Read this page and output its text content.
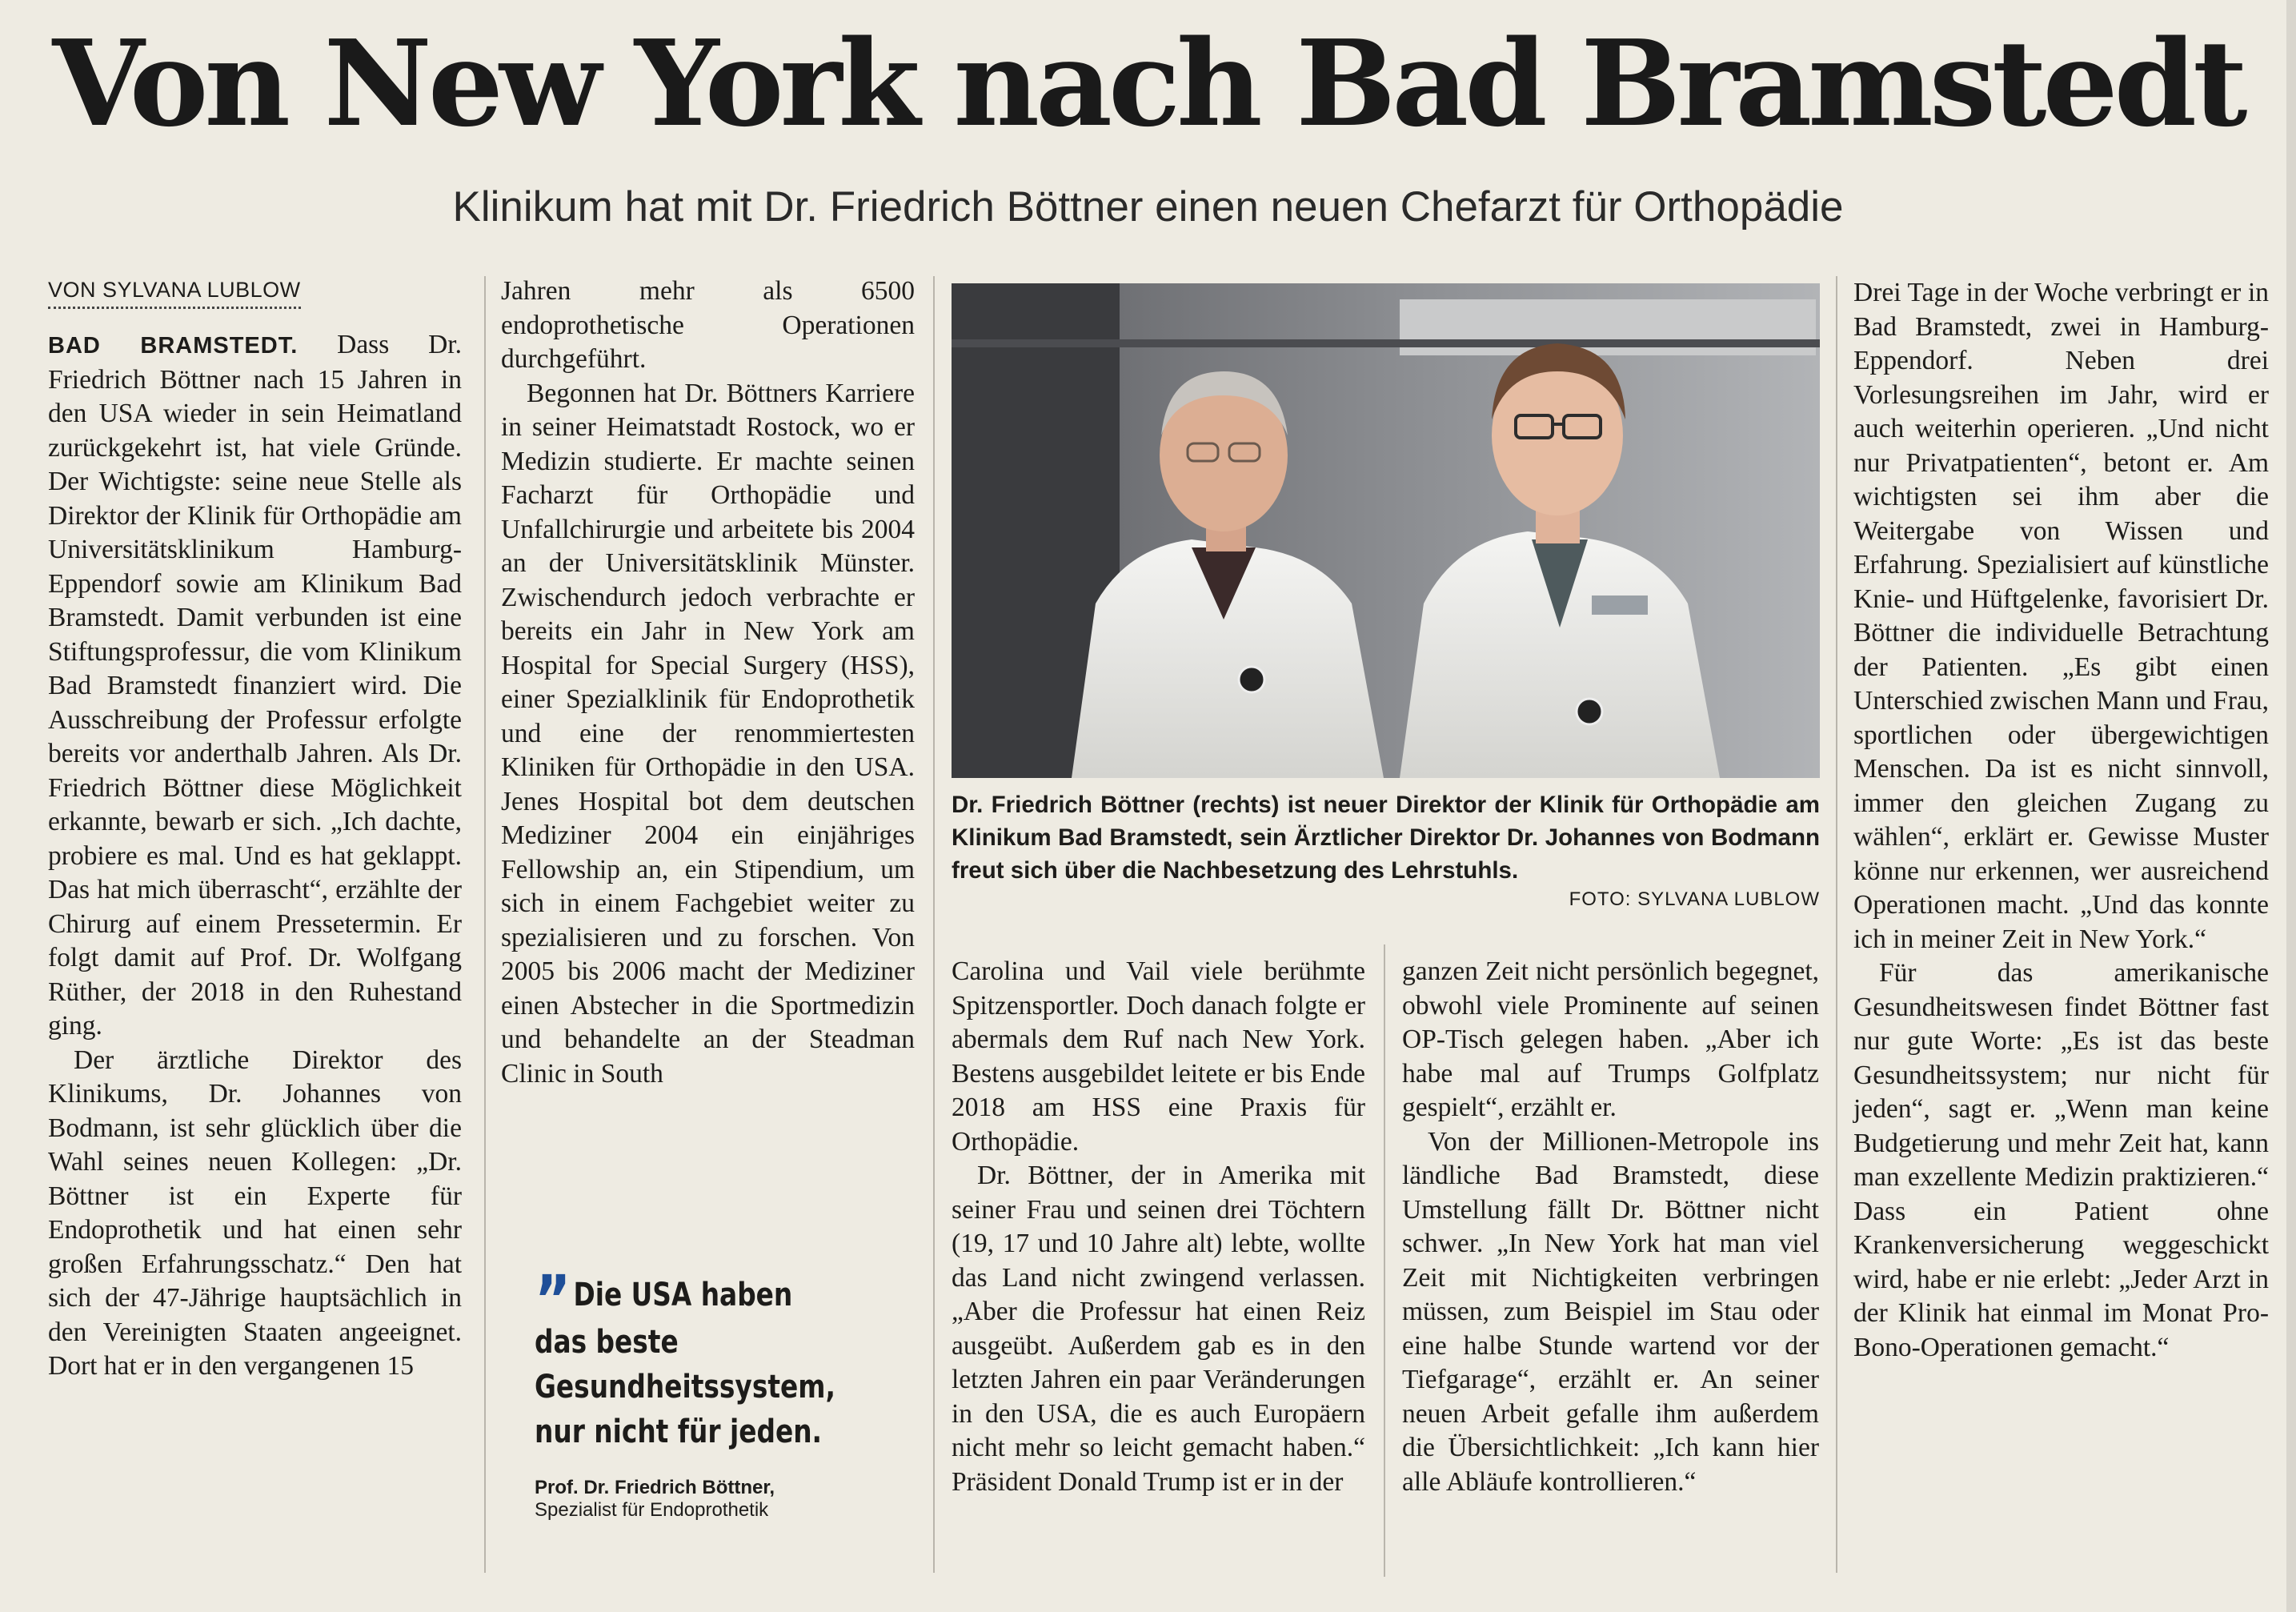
Von New York nach Bad Bramstedt
Klinikum hat mit Dr. Friedrich Böttner einen neuen Chefarzt für Orthopädie
VON SYLVANA LUBLOW

BAD BRAMSTEDT. Dass Dr. Friedrich Böttner nach 15 Jahren in den USA wieder in sein Heimatland zurückgekehrt ist, hat viele Gründe. Der Wichtigste: seine neue Stelle als Direktor der Klinik für Orthopädie am Universitätsklinikum Hamburg-Eppendorf sowie am Klinikum Bad Bramstedt. Damit verbunden ist eine Stiftungsprofessur, die vom Klinikum Bad Bramstedt finanziert wird. Die Ausschreibung der Professur erfolgte bereits vor anderthalb Jahren. Als Dr. Friedrich Böttner diese Möglichkeit erkannte, bewarb er sich. „Ich dachte, probiere es mal. Und es hat geklappt. Das hat mich überrascht“, erzählte der Chirurg auf einem Pressetermin. Er folgt damit auf Prof. Dr. Wolfgang Rüther, der 2018 in den Ruhestand ging.

Der ärztliche Direktor des Klinikums, Dr. Johannes von Bodmann, ist sehr glücklich über die Wahl seines neuen Kollegen: „Dr. Böttner ist ein Experte für Endoprothetik und hat einen sehr großen Erfahrungsschatz.“ Den hat sich der 47-Jährige hauptsächlich in den Vereinigten Staaten angeeignet. Dort hat er in den vergangenen 15

Jahren mehr als 6500 endoprothetische Operationen durchgeführt.

Begonnen hat Dr. Böttners Karriere in seiner Heimatstadt Rostock, wo er Medizin studierte. Er machte seinen Facharzt für Orthopädie und Unfallchirurgie und arbeitete bis 2004 an der Universitätsklinik Münster. Zwischendurch jedoch verbrachte er bereits ein Jahr in New York am Hospital for Special Surgery (HSS), einer Spezialklinik für Endoprothetik und eine der renommiertesten Kliniken für Orthopädie in den USA. Jenes Hospital bot dem deutschen Mediziner 2004 ein einjähriges Fellowship an, ein Stipendium, um sich in einem Fachgebiet weiter zu spezialisieren und zu forschen. Von 2005 bis 2006 macht der Mediziner einen Abstecher in die Sportmedizin und behandelte an der Steadman Clinic in South

” Die USA haben das beste Gesundheitssystem, nur nicht für jeden.
Prof. Dr. Friedrich Böttner,
Spezialist für Endoprothetik
Dr. Friedrich Böttner (rechts) ist neuer Direktor der Klinik für Orthopädie am Klinikum Bad Bramstedt, sein Ärztlicher Direktor Dr. Johannes von Bodmann freut sich über die Nachbesetzung des Lehrstuhls.
FOTO: SYLVANA LUBLOW

Carolina und Vail viele berühmte Spitzensportler. Doch danach folgte er abermals dem Ruf nach New York. Bestens ausgebildet leitete er bis Ende 2018 am HSS eine Praxis für Orthopädie.

Dr. Böttner, der in Amerika mit seiner Frau und seinen drei Töchtern (19, 17 und 10 Jahre alt) lebte, wollte das Land nicht zwingend verlassen. „Aber die Professur hat einen Reiz ausgeübt. Außerdem gab es in den letzten Jahren ein paar Veränderungen in den USA, die es auch Europäern nicht mehr so leicht gemacht haben.“ Präsident Donald Trump ist er in der

ganzen Zeit nicht persönlich begegnet, obwohl viele Prominente auf seinen OP-Tisch gelegen haben. „Aber ich habe mal auf Trumps Golfplatz gespielt“, erzählt er.

Von der Millionen-Metropole ins ländliche Bad Bramstedt, diese Umstellung fällt Dr. Böttner nicht schwer. „In New York hat man viel Zeit mit Nichtigkeiten verbringen müssen, zum Beispiel im Stau oder eine halbe Stunde wartend vor der Tiefgarage“, erzählt er. An seiner neuen Arbeit gefalle ihm außerdem die Übersichtlichkeit: „Ich kann hier alle Abläufe kontrollieren.“

Drei Tage in der Woche verbringt er in Bad Bramstedt, zwei in Hamburg-Eppendorf. Neben drei Vorlesungsreihen im Jahr, wird er auch weiterhin operieren. „Und nicht nur Privatpatienten“, betont er. Am wichtigsten sei ihm aber die Weitergabe von Wissen und Erfahrung. Spezialisiert auf künstliche Knie- und Hüftgelenke, favorisiert Dr. Böttner die individuelle Betrachtung der Patienten. „Es gibt einen Unterschied zwischen Mann und Frau, sportlichen oder übergewichtigen Menschen. Da ist es nicht sinnvoll, immer den gleichen Zugang zu wählen“, erklärt er. Gewisse Muster könne nur erkennen, wer ausreichend Operationen macht. „Und das konnte ich in meiner Zeit in New York.“

Für das amerikanische Gesundheitswesen findet Böttner fast nur gute Worte: „Es ist das beste Gesundheitssystem; nur nicht für jeden“, sagt er. „Wenn man keine Budgetierung und mehr Zeit hat, kann man exzellente Medizin praktizieren.“ Dass ein Patient ohne Krankenversicherung weggeschickt wird, habe er nie erlebt: „Jeder Arzt in der Klinik hat einmal im Monat Pro-Bono-Operationen gemacht.“
